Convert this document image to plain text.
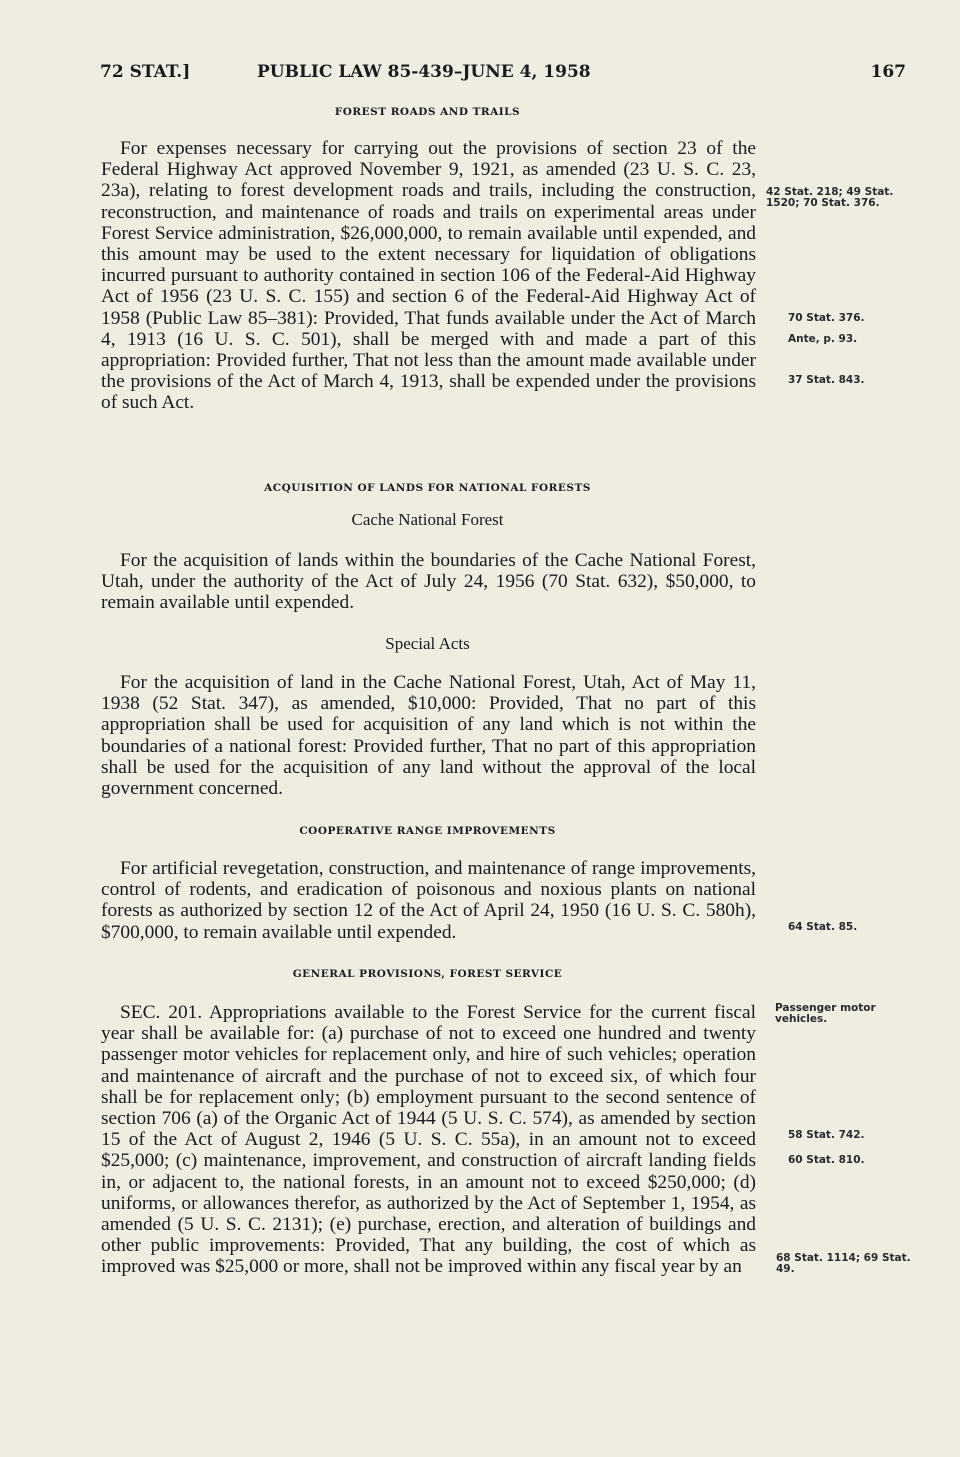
72 STAT.]	PUBLIC LAW 85-439–JUNE 4, 1958	167
FOREST ROADS AND TRAILS
For expenses necessary for carrying out the provisions of section 23 of the Federal Highway Act approved November 9, 1921, as amended (23 U. S. C. 23, 23a), relating to forest development roads and trails, including the construction, reconstruction, and maintenance of roads and trails on experimental areas under Forest Service administration, $26,000,000, to remain available until expended, and this amount may be used to the extent necessary for liquidation of obligations incurred pursuant to authority contained in section 106 of the Federal-Aid Highway Act of 1956 (23 U. S. C. 155) and section 6 of the Federal-Aid Highway Act of 1958 (Public Law 85–381): Provided, That funds available under the Act of March 4, 1913 (16 U. S. C. 501), shall be merged with and made a part of this appropriation: Provided further, That not less than the amount made available under the provisions of the Act of March 4, 1913, shall be expended under the provisions of such Act.
ACQUISITION OF LANDS FOR NATIONAL FORESTS
Cache National Forest
For the acquisition of lands within the boundaries of the Cache National Forest, Utah, under the authority of the Act of July 24, 1956 (70 Stat. 632), $50,000, to remain available until expended.
Special Acts
For the acquisition of land in the Cache National Forest, Utah, Act of May 11, 1938 (52 Stat. 347), as amended, $10,000: Provided, That no part of this appropriation shall be used for acquisition of any land which is not within the boundaries of a national forest: Provided further, That no part of this appropriation shall be used for the acquisition of any land without the approval of the local government concerned.
COOPERATIVE RANGE IMPROVEMENTS
For artificial revegetation, construction, and maintenance of range improvements, control of rodents, and eradication of poisonous and noxious plants on national forests as authorized by section 12 of the Act of April 24, 1950 (16 U. S. C. 580h), $700,000, to remain available until expended.
GENERAL PROVISIONS, FOREST SERVICE
SEC. 201. Appropriations available to the Forest Service for the current fiscal year shall be available for: (a) purchase of not to exceed one hundred and twenty passenger motor vehicles for replacement only, and hire of such vehicles; operation and maintenance of aircraft and the purchase of not to exceed six, of which four shall be for replacement only; (b) employment pursuant to the second sentence of section 706 (a) of the Organic Act of 1944 (5 U. S. C. 574), as amended by section 15 of the Act of August 2, 1946 (5 U. S. C. 55a), in an amount not to exceed $25,000; (c) maintenance, improvement, and construction of aircraft landing fields in, or adjacent to, the national forests, in an amount not to exceed $250,000; (d) uniforms, or allowances therefor, as authorized by the Act of September 1, 1954, as amended (5 U. S. C. 2131); (e) purchase, erection, and alteration of buildings and other public improvements: Provided, That any building, the cost of which as improved was $25,000 or more, shall not be improved within any fiscal year by an
42 Stat. 218; 49 Stat. 1520; 70 Stat. 376.
70 Stat. 376.
Ante, p. 93.
37 Stat. 843.
64 Stat. 85.
Passenger motor vehicles.
58 Stat. 742.
60 Stat. 810.
68 Stat. 1114; 69 Stat. 49.
